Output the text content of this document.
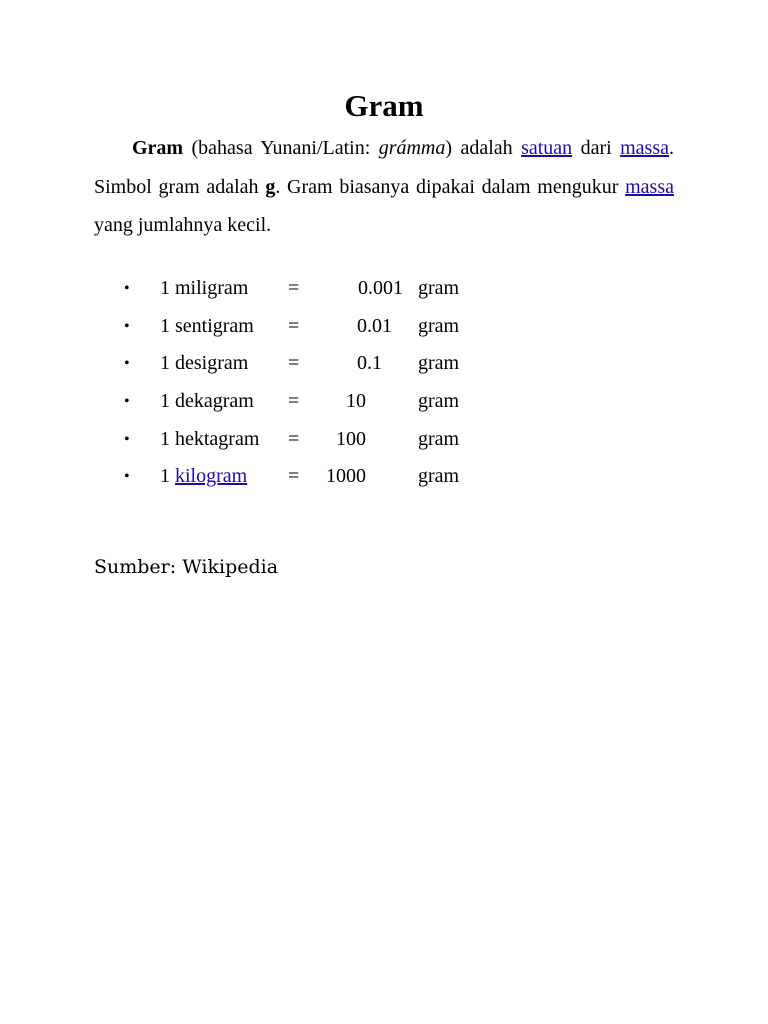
Gram

Gram (bahasa Yunani/Latin: grámma) adalah satuan dari massa. Simbol gram adalah g. Gram biasanya dipakai dalam mengukur massa yang jumlahnya kecil.

• 1 miligram =	0.001 gram
• 1 sentigram =	0.01 gram
• 1 desigram =	0.1 gram
• 1 dekagram =	10	gram
• 1 hektagram =	100	gram
• 1 kilogram =	1000	gram
Sumber: Wikipedia
